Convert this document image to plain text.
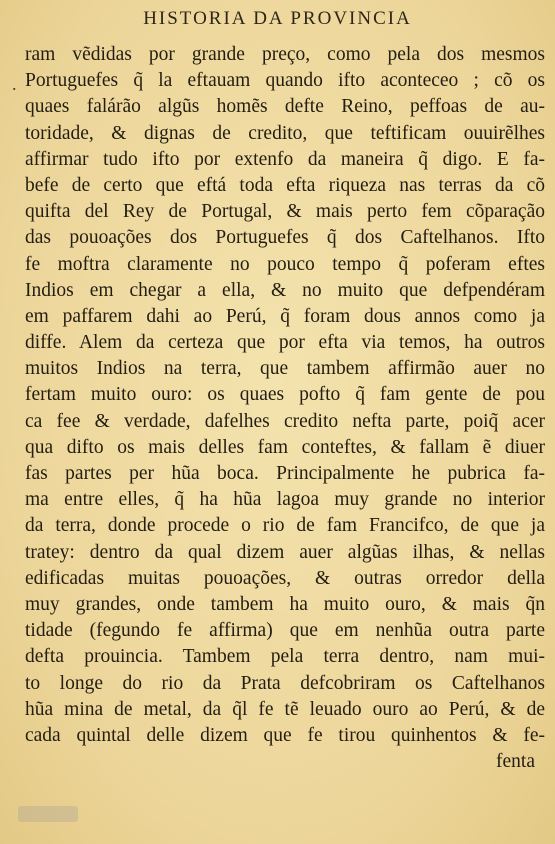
HISTORIA DA PROVINCIA
.
ram vẽdidas por grande preço, como pela dos mesmos
Portuguefes q̃ la eftauam quando ifto aconteceo ; cõ os
quaes falárão algũs homẽs defte Reino, peffoas de au-
toridade, & dignas de credito, que teftificam ouuirẽlhes
affirmar tudo ifto por extenfo da maneira q̃ digo. E fa-
befe de certo que eftá toda efta riqueza nas terras da cõ
quifta del Rey de Portugal, & mais perto fem cõparação
das pouoações dos Portuguefes q̃ dos Caftelhanos. Ifto
fe moftra claramente no pouco tempo q̃ poferam eftes
Indios em chegar a ella, & no muito que defpendéram
em paffarem dahi ao Perú, q̃ foram dous annos como ja
diffe. Alem da certeza que por efta via temos, ha outros
muitos Indios na terra, que tambem affirmão auer no
fertam muito ouro: os quaes pofto q̃ fam gente de pou
ca fee & verdade, dafelhes credito nefta parte, poiq̃ acer
qua difto os mais delles fam conteftes, & fallam ẽ diuer
fas partes per hũa boca. Principalmente he pubrica fa-
ma entre elles, q̃ ha hũa lagoa muy grande no interior
da terra, donde procede o rio de fam Francifco, de que ja
tratey: dentro da qual dizem auer algũas ilhas, & nellas
edificadas muitas pouoações, & outras orredor della
muy grandes, onde tambem ha muito ouro, & mais q̃n
tidade (fegundo fe affirma) que em nenhũa outra parte
defta prouincia. Tambem pela terra dentro, nam mui-
to longe do rio da Prata defcobriram os Caftelhanos
hũa mina de metal, da q̃l fe tẽ leuado ouro ao Perú, & de
cada quintal delle dizem que fe tirou quinhentos & fe-
fenta
